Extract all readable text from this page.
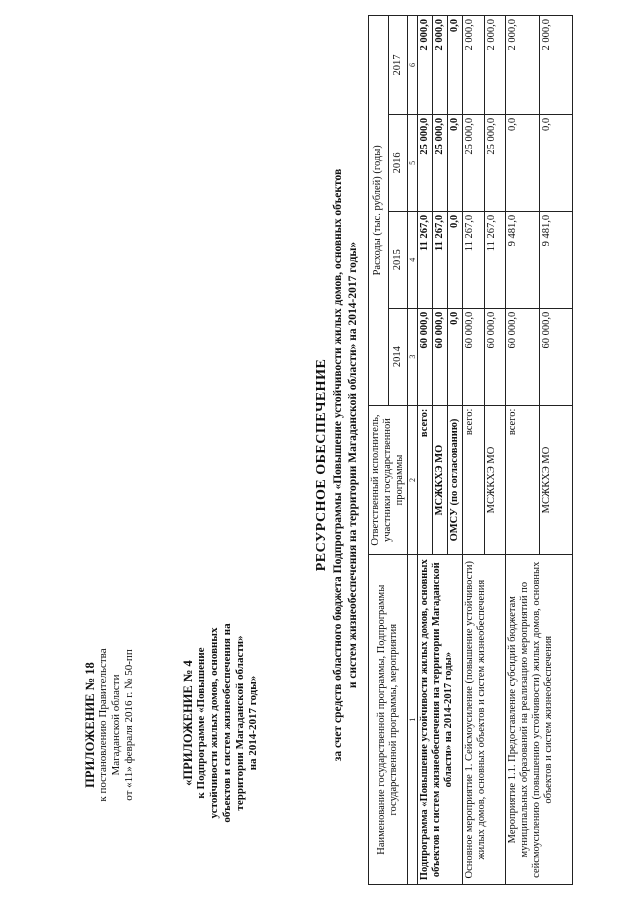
ПРИЛОЖЕНИЕ № 18 к постановлению Правительства Магаданской области от «11» февраля 2016 г. № 50-пп	«ПРИЛОЖЕНИЕ № 4 к Подпрограмме «Повышение устойчивости жилых домов, основных объектов и систем жизнеобеспечения на территории Магаданской области» на 2014-2017 годы»
РЕСУРСНОЕ ОБЕСПЕЧЕНИЕ за счет средств областного бюджета Подпрограммы «Повышение устойчивости жилых домов, основных объектов и систем жизнеобеспечения на территории Магаданской области» на 2014-2017 годы»
Наименование государственной программы, Подпрограммы государственной программы, мероприятия	Ответственный исполнитель, участники государственной программы	Расходы (тыс. рублей) (годы)			
		2014	2015	2016	2017
1	2	3	4	5	6
Подпрограмма «Повышение устойчивости жилых домов, основных объектов и систем жизнеобеспечения на территории Магаданской области» на 2014-2017 годы»	всего:	60 000,0	11 267,0	25 000,0	2 000,0
	МСЖКХЭ МО	60 000,0	11 267,0	25 000,0	2 000,0
	ОМСУ (по согласованию)	0,0	0,0	0,0	0,0
Основное мероприятие 1. Сейсмоусиление (повышение устойчивости) жилых домов, основных объектов и систем жизнеобеспечения	всего:	60 000,0	11 267,0	25 000,0	2 000,0
	МСЖКХЭ МО	60 000,0	11 267,0	25 000,0	2 000,0
Мероприятие 1.1. Предоставление субсидий бюджетам муниципальных образований на реализацию мероприятий по сейсмоусилению (повышению устойчивости) жилых домов, основных объектов и систем жизнеобеспечения	всего:	60 000,0	9 481,0	0,0	2 000,0
	МСЖКХЭ МО	60 000,0	9 481,0	0,0	2 000,0
